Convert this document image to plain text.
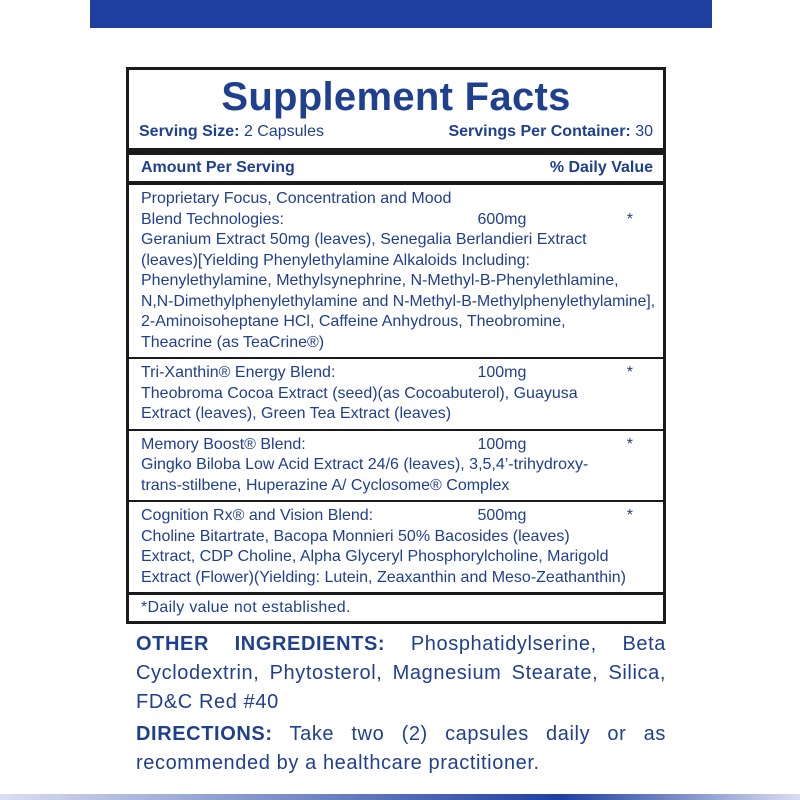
Supplement Facts
Serving Size: 2 Capsules	Servings Per Container: 30
Amount Per Serving	% Daily Value
Proprietary Focus, Concentration and Mood
Blend Technologies:	600mg	*
Geranium Extract 50mg (leaves), Senegalia Berlandieri Extract
(leaves)[Yielding Phenylethylamine Alkaloids Including:
Phenylethylamine, Methylsynephrine, N-Methyl-B-Phenylethlamine,
N,N-Dimethylphenylethylamine and N-Methyl-B-Methylphenylethylamine],
2-Aminoisoheptane HCl, Caffeine Anhydrous, Theobromine,
Theacrine (as TeaCrine®)
Tri-Xanthin® Energy Blend:	100mg	*
Theobroma Cocoa Extract (seed)(as Cocoabuterol), Guayusa
Extract (leaves), Green Tea Extract (leaves)
Memory Boost® Blend:	100mg	*
Gingko Biloba Low Acid Extract 24/6 (leaves), 3,5,4’-trihydroxy-
trans-stilbene, Huperazine A/ Cyclosome® Complex
Cognition Rx® and Vision Blend:	500mg	*
Choline Bitartrate, Bacopa Monnieri 50% Bacosides (leaves)
Extract, CDP Choline, Alpha Glyceryl Phosphorylcholine, Marigold
Extract (Flower)(Yielding: Lutein, Zeaxanthin and Meso-Zeathanthin)
*Daily value not established.

OTHER INGREDIENTS: Phosphatidylserine, Beta
Cyclodextrin, Phytosterol, Magnesium Stearate, Silica,
FD&C Red #40

DIRECTIONS: Take two (2) capsules daily or as
recommended by a healthcare practitioner.
